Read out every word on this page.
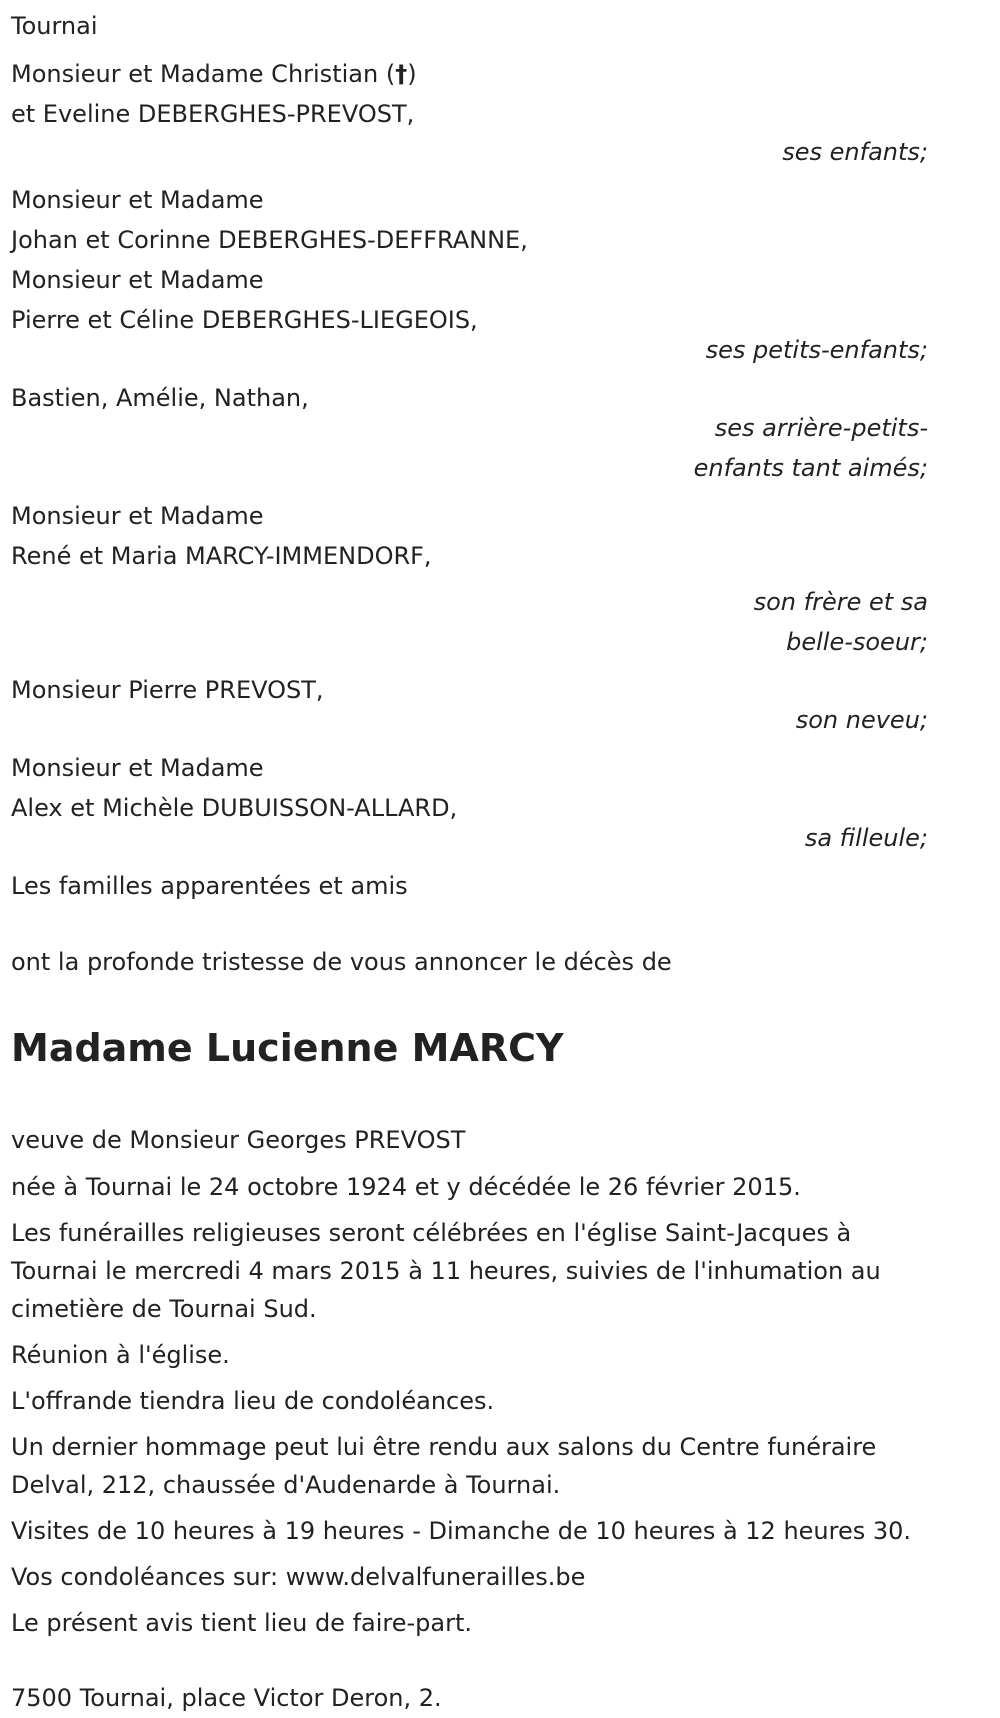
Tournai

Monsieur et Madame Christian (†)

et Eveline DEBERGHES-PREVOST,

ses enfants;

Monsieur et Madame

Johan et Corinne DEBERGHES-DEFFRANNE,

Monsieur et Madame

Pierre et Céline DEBERGHES-LIEGEOIS,

ses petits-enfants;

Bastien, Amélie, Nathan,

ses arrière-petits-

enfants tant aimés;

Monsieur et Madame

René et Maria MARCY-IMMENDORF,

son frère et sa

belle-soeur;

Monsieur Pierre PREVOST,

son neveu;

Monsieur et Madame

Alex et Michèle DUBUISSON-ALLARD,

sa filleule;

Les familles apparentées et amis

ont la profonde tristesse de vous annoncer le décès de

Madame Lucienne MARCY

veuve de Monsieur Georges PREVOST

née à Tournai le 24 octobre 1924 et y décédée le 26 février 2015.

Les funérailles religieuses seront célébrées en l'église Saint-Jacques à Tournai le mercredi 4 mars 2015 à 11 heures, suivies de l'inhumation au cimetière de Tournai Sud.

Réunion à l'église.

L'offrande tiendra lieu de condoléances.

Un dernier hommage peut lui être rendu aux salons du Centre funéraire Delval, 212, chaussée d'Audenarde à Tournai.

Visites de 10 heures à 19 heures - Dimanche de 10 heures à 12 heures 30.

Vos condoléances sur: www.delvalfunerailles.be

Le présent avis tient lieu de faire-part.

7500 Tournai, place Victor Deron, 2.
